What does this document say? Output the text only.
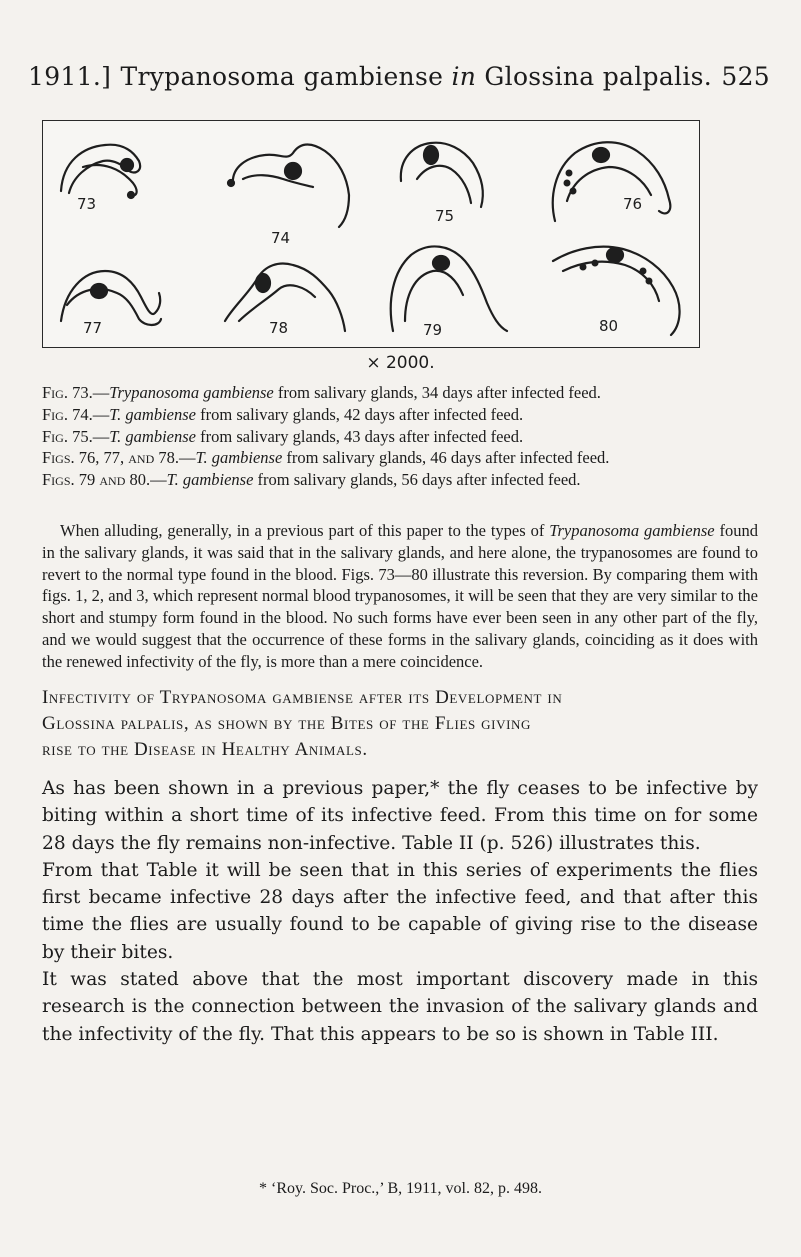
1911.] Trypanosoma gambiense in Glossina palpalis. 525
73
74
75
76
77	78	79	80
× 2000.
Fig. 73.—Trypanosoma gambiense from salivary glands, 34 days after infected feed.
Fig. 74.—T. gambiense from salivary glands, 42 days after infected feed.
Fig. 75.—T. gambiense from salivary glands, 43 days after infected feed.
Figs. 76, 77, and 78.—T. gambiense from salivary glands, 46 days after infected feed.
Figs. 79 and 80.—T. gambiense from salivary glands, 56 days after infected feed.
When alluding, generally, in a previous part of this paper to the types of Trypanosoma gambiense found in the salivary glands, it was said that in the salivary glands, and here alone, the trypanosomes are found to revert to the normal type found in the blood. Figs. 73—80 illustrate this reversion. By comparing them with figs. 1, 2, and 3, which represent normal blood trypanosomes, it will be seen that they are very similar to the short and stumpy form found in the blood. No such forms have ever been seen in any other part of the fly, and we would suggest that the occurrence of these forms in the salivary glands, coinciding as it does with the renewed infectivity of the fly, is more than a mere coincidence.
Infectivity of Trypanosoma gambiense after its Development in
Glossina palpalis, as shown by the Bites of the Flies giving
rise to the Disease in Healthy Animals.

As has been shown in a previous paper,* the fly ceases to be infective by biting within a short time of its infective feed. From this time on for some 28 days the fly remains non-infective. Table II (p. 526) illustrates this.

From that Table it will be seen that in this series of experiments the flies first became infective 28 days after the infective feed, and that after this time the flies are usually found to be capable of giving rise to the disease by their bites.

It was stated above that the most important discovery made in this research is the connection between the invasion of the salivary glands and the infectivity of the fly. That this appears to be so is shown in Table III.

* ‘Roy. Soc. Proc.,’ B, 1911, vol. 82, p. 498.
